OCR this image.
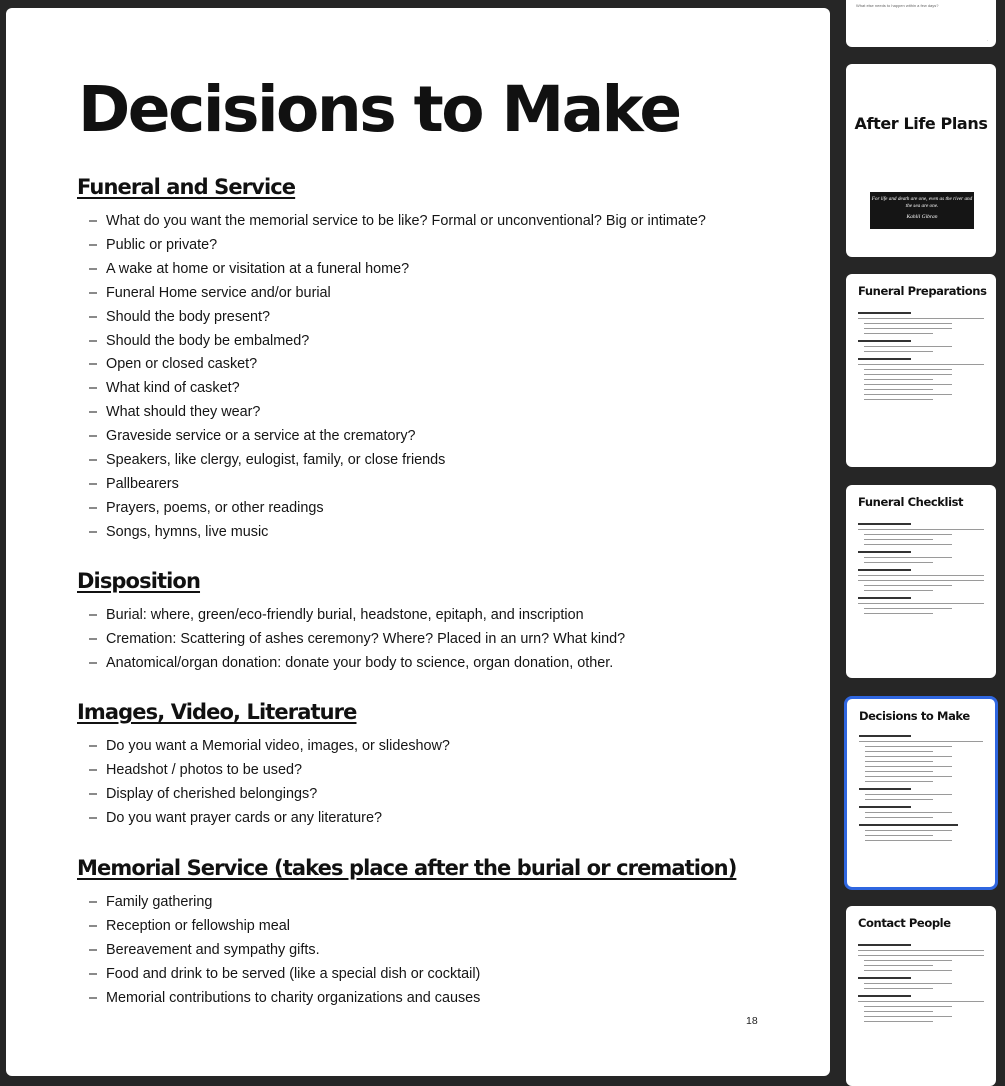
Decisions to Make
Funeral and Service
– What do you want the memorial service to be like? Formal or unconventional? Big or intimate?
– Public or private?
– A wake at home or visitation at a funeral home?
– Funeral Home service and/or burial
– Should the body present?
– Should the body be embalmed?
– Open or closed casket?
– What kind of casket?
– What should they wear?
– Graveside service or a service at the crematory?
– Speakers, like clergy, eulogist, family, or close friends
– Pallbearers
– Prayers, poems, or other readings
– Songs, hymns, live music
Disposition
– Burial: where, green/eco-friendly burial, headstone, epitaph, and inscription
– Cremation: Scattering of ashes ceremony? Where? Placed in an urn? What kind?
– Anatomical/organ donation: donate your body to science, organ donation, other.
Images, Video, Literature
– Do you want a Memorial video, images, or slideshow?
– Headshot / photos to be used?
– Display of cherished belongings?
– Do you want prayer cards or any literature?
Memorial Service (takes place after the burial or cremation)
– Family gathering
– Reception or fellowship meal
– Bereavement and sympathy gifts.
– Food and drink to be served (like a special dish or cocktail)
– Memorial contributions to charity organizations and causes
18
What else needs to happen within a few days?
·
After Life Plans
For life and death are one, even as the river and the sea are one.
Kahlil Gibran
Funeral Preparations
Funeral Checklist
Decisions to Make
Contact People
